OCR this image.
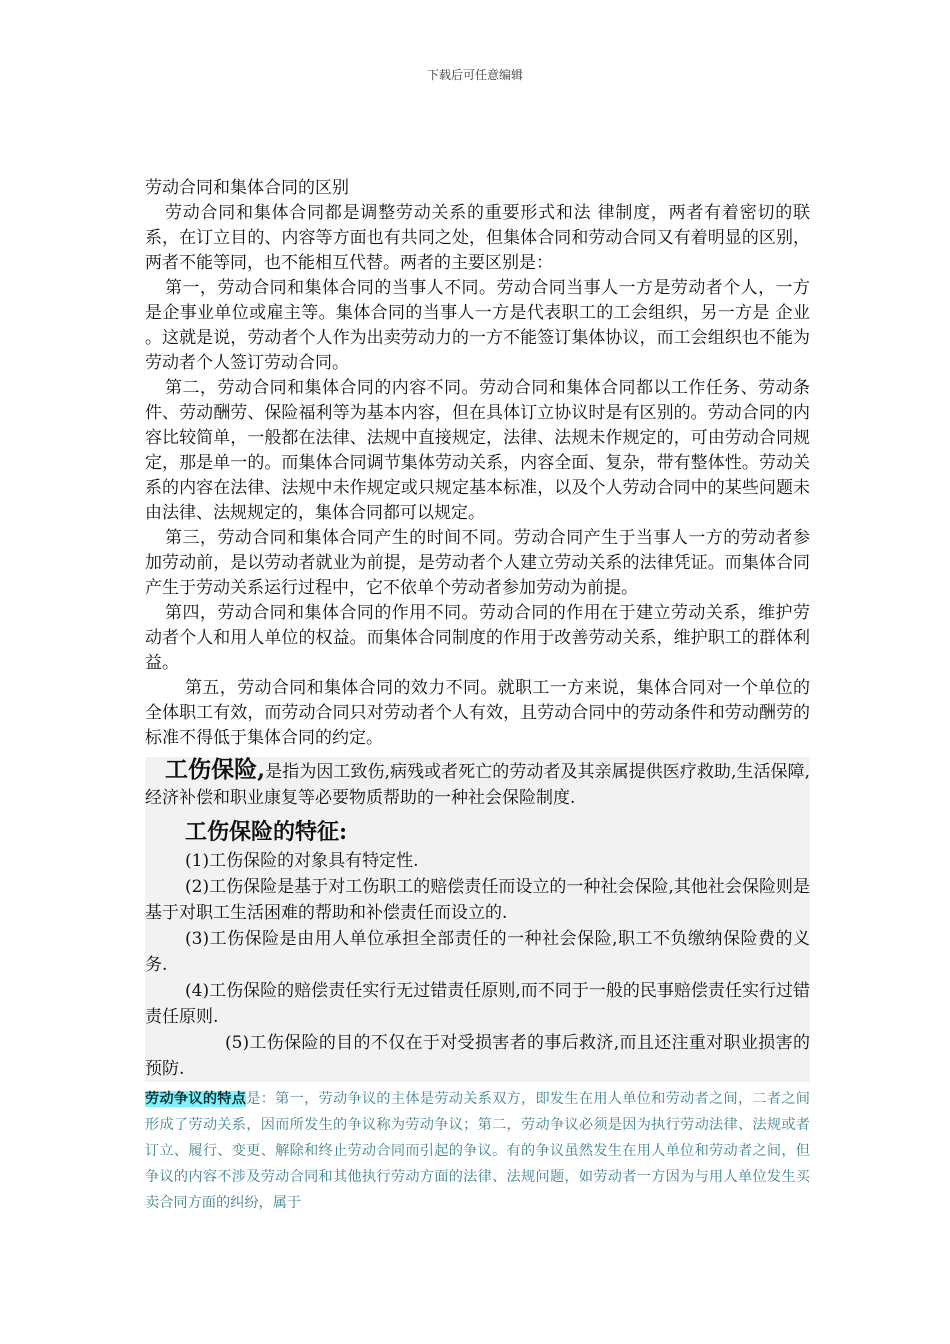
下载后可任意编辑

劳动合同和集体合同的区别

劳动合同和集体合同都是调整劳动关系的重要形式和法 律制度，两者有着密切的联系，在订立目的、内容等方面也有共同之处，但集体合同和劳动合同又有着明显的区别，两者不能等同，也不能相互代替。两者的主要区别是：

第一，劳动合同和集体合同的当事人不同。劳动合同当事人一方是劳动者个人，一方是企事业单位或雇主等。集体合同的当事人一方是代表职工的工会组织，另一方是 企业 。这就是说，劳动者个人作为出卖劳动力的一方不能签订集体协议，而工会组织也不能为劳动者个人签订劳动合同。

第二，劳动合同和集体合同的内容不同。劳动合同和集体合同都以工作任务、劳动条件、劳动酬劳、保险福利等为基本内容，但在具体订立协议时是有区别的。劳动合同的内容比较简单，一般都在法律、法规中直接规定，法律、法规未作规定的，可由劳动合同规定，那是单一的。而集体合同调节集体劳动关系，内容全面、复杂，带有整体性。劳动关系的内容在法律、法规中未作规定或只规定基本标准，以及个人劳动合同中的某些问题未由法律、法规规定的，集体合同都可以规定。

第三，劳动合同和集体合同产生的时间不同。劳动合同产生于当事人一方的劳动者参加劳动前，是以劳动者就业为前提，是劳动者个人建立劳动关系的法律凭证。而集体合同产生于劳动关系运行过程中，它不依单个劳动者参加劳动为前提。

第四，劳动合同和集体合同的作用不同。劳动合同的作用在于建立劳动关系，维护劳动者个人和用人单位的权益。而集体合同制度的作用于改善劳动关系，维护职工的群体利益。

第五，劳动合同和集体合同的效力不同。就职工一方来说，集体合同对一个单位的全体职工有效，而劳动合同只对劳动者个人有效，且劳动合同中的劳动条件和劳动酬劳的标准不得低于集体合同的约定。

工伤保险,是指为因工致伤,病残或者死亡的劳动者及其亲属提供医疗救助,生活保障,经济补偿和职业康复等必要物质帮助的一种社会保险制度.

工伤保险的特征:

(1)工伤保险的对象具有特定性.

(2)工伤保险是基于对工伤职工的赔偿责任而设立的一种社会保险,其他社会保险则是基于对职工生活困难的帮助和补偿责任而设立的.

(3)工伤保险是由用人单位承担全部责任的一种社会保险,职工不负缴纳保险费的义务.

(4)工伤保险的赔偿责任实行无过错责任原则,而不同于一般的民事赔偿责任实行过错责任原则.

(5)工伤保险的目的不仅在于对受损害者的事后救济,而且还注重对职业损害的预防.

劳动争议的特点是：第一，劳动争议的主体是劳动关系双方，即发生在用人单位和劳动者之间，二者之间形成了劳动关系，因而所发生的争议称为劳动争议；第二，劳动争议必须是因为执行劳动法律、法规或者订立、履行、变更、解除和终止劳动合同而引起的争议。有的争议虽然发生在用人单位和劳动者之间，但争议的内容不涉及劳动合同和其他执行劳动方面的法律、法规问题，如劳动者一方因为与用人单位发生买卖合同方面的纠纷，属于
